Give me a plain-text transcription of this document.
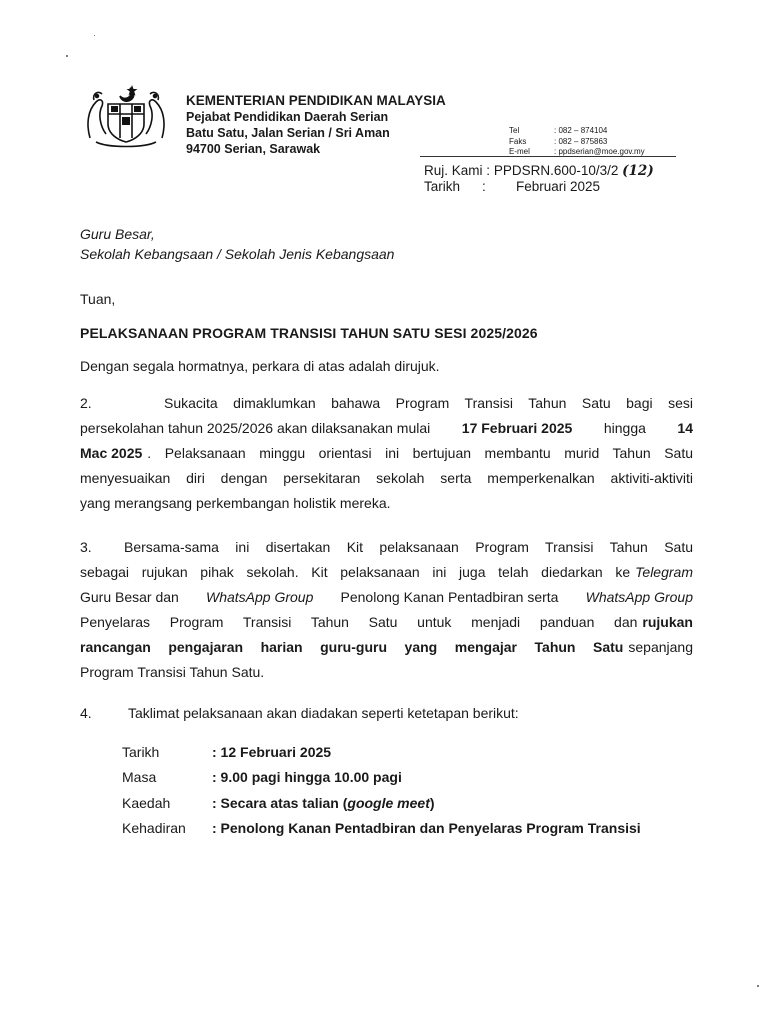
KEMENTERIAN PENDIDIKAN MALAYSIA
Pejabat Pendidikan Daerah Serian
Batu Satu, Jalan Serian / Sri Aman
94700 Serian, Sarawak
Tel	: 082 – 874104
Faks	: 082 – 875863
E-mel	: ppdserian@moe.gov.my
Ruj. Kami
:
PPDSRN.600-10/3/2
(12)
Tarikh	:	Februari 2025
Guru Besar,
Sekolah Kebangsaan / Sekolah Jenis Kebangsaan
Tuan,
PELAKSANAAN PROGRAM TRANSISI TAHUN SATU SESI 2025/2026
Dengan segala hormatnya, perkara di atas adalah dirujuk.
2.	Sukacita dimaklumkan bahawa Program Transisi Tahun Satu bagi sesi
persekolahan tahun 2025/2026 akan dilaksanakan mulai 17 Februari 2025 hingga 14
Mac 2025 . Pelaksanaan minggu orientasi ini bertujuan membantu murid Tahun Satu
menyesuaikan diri dengan persekitaran sekolah serta memperkenalkan aktiviti-aktiviti
yang merangsang perkembangan holistik mereka.
3.	Bersama-sama ini disertakan Kit pelaksanaan Program Transisi Tahun Satu
sebagai rujukan pihak sekolah. Kit pelaksanaan ini juga telah diedarkan ke Telegram
Guru Besar dan WhatsApp Group Penolong Kanan Pentadbiran serta WhatsApp Group
Penyelaras Program Transisi Tahun Satu untuk menjadi panduan dan rujukan
rancangan pengajaran harian guru-guru yang mengajar Tahun Satu sepanjang
Program Transisi Tahun Satu.
4.	Taklimat pelaksanaan akan diadakan seperti ketetapan berikut:
Tarikh	: 12 Februari 2025
Masa	: 9.00 pagi hingga 10.00 pagi
Kaedah	: Secara atas talian (google meet)
Kehadiran	: Penolong Kanan Pentadbiran dan Penyelaras Program Transisi
